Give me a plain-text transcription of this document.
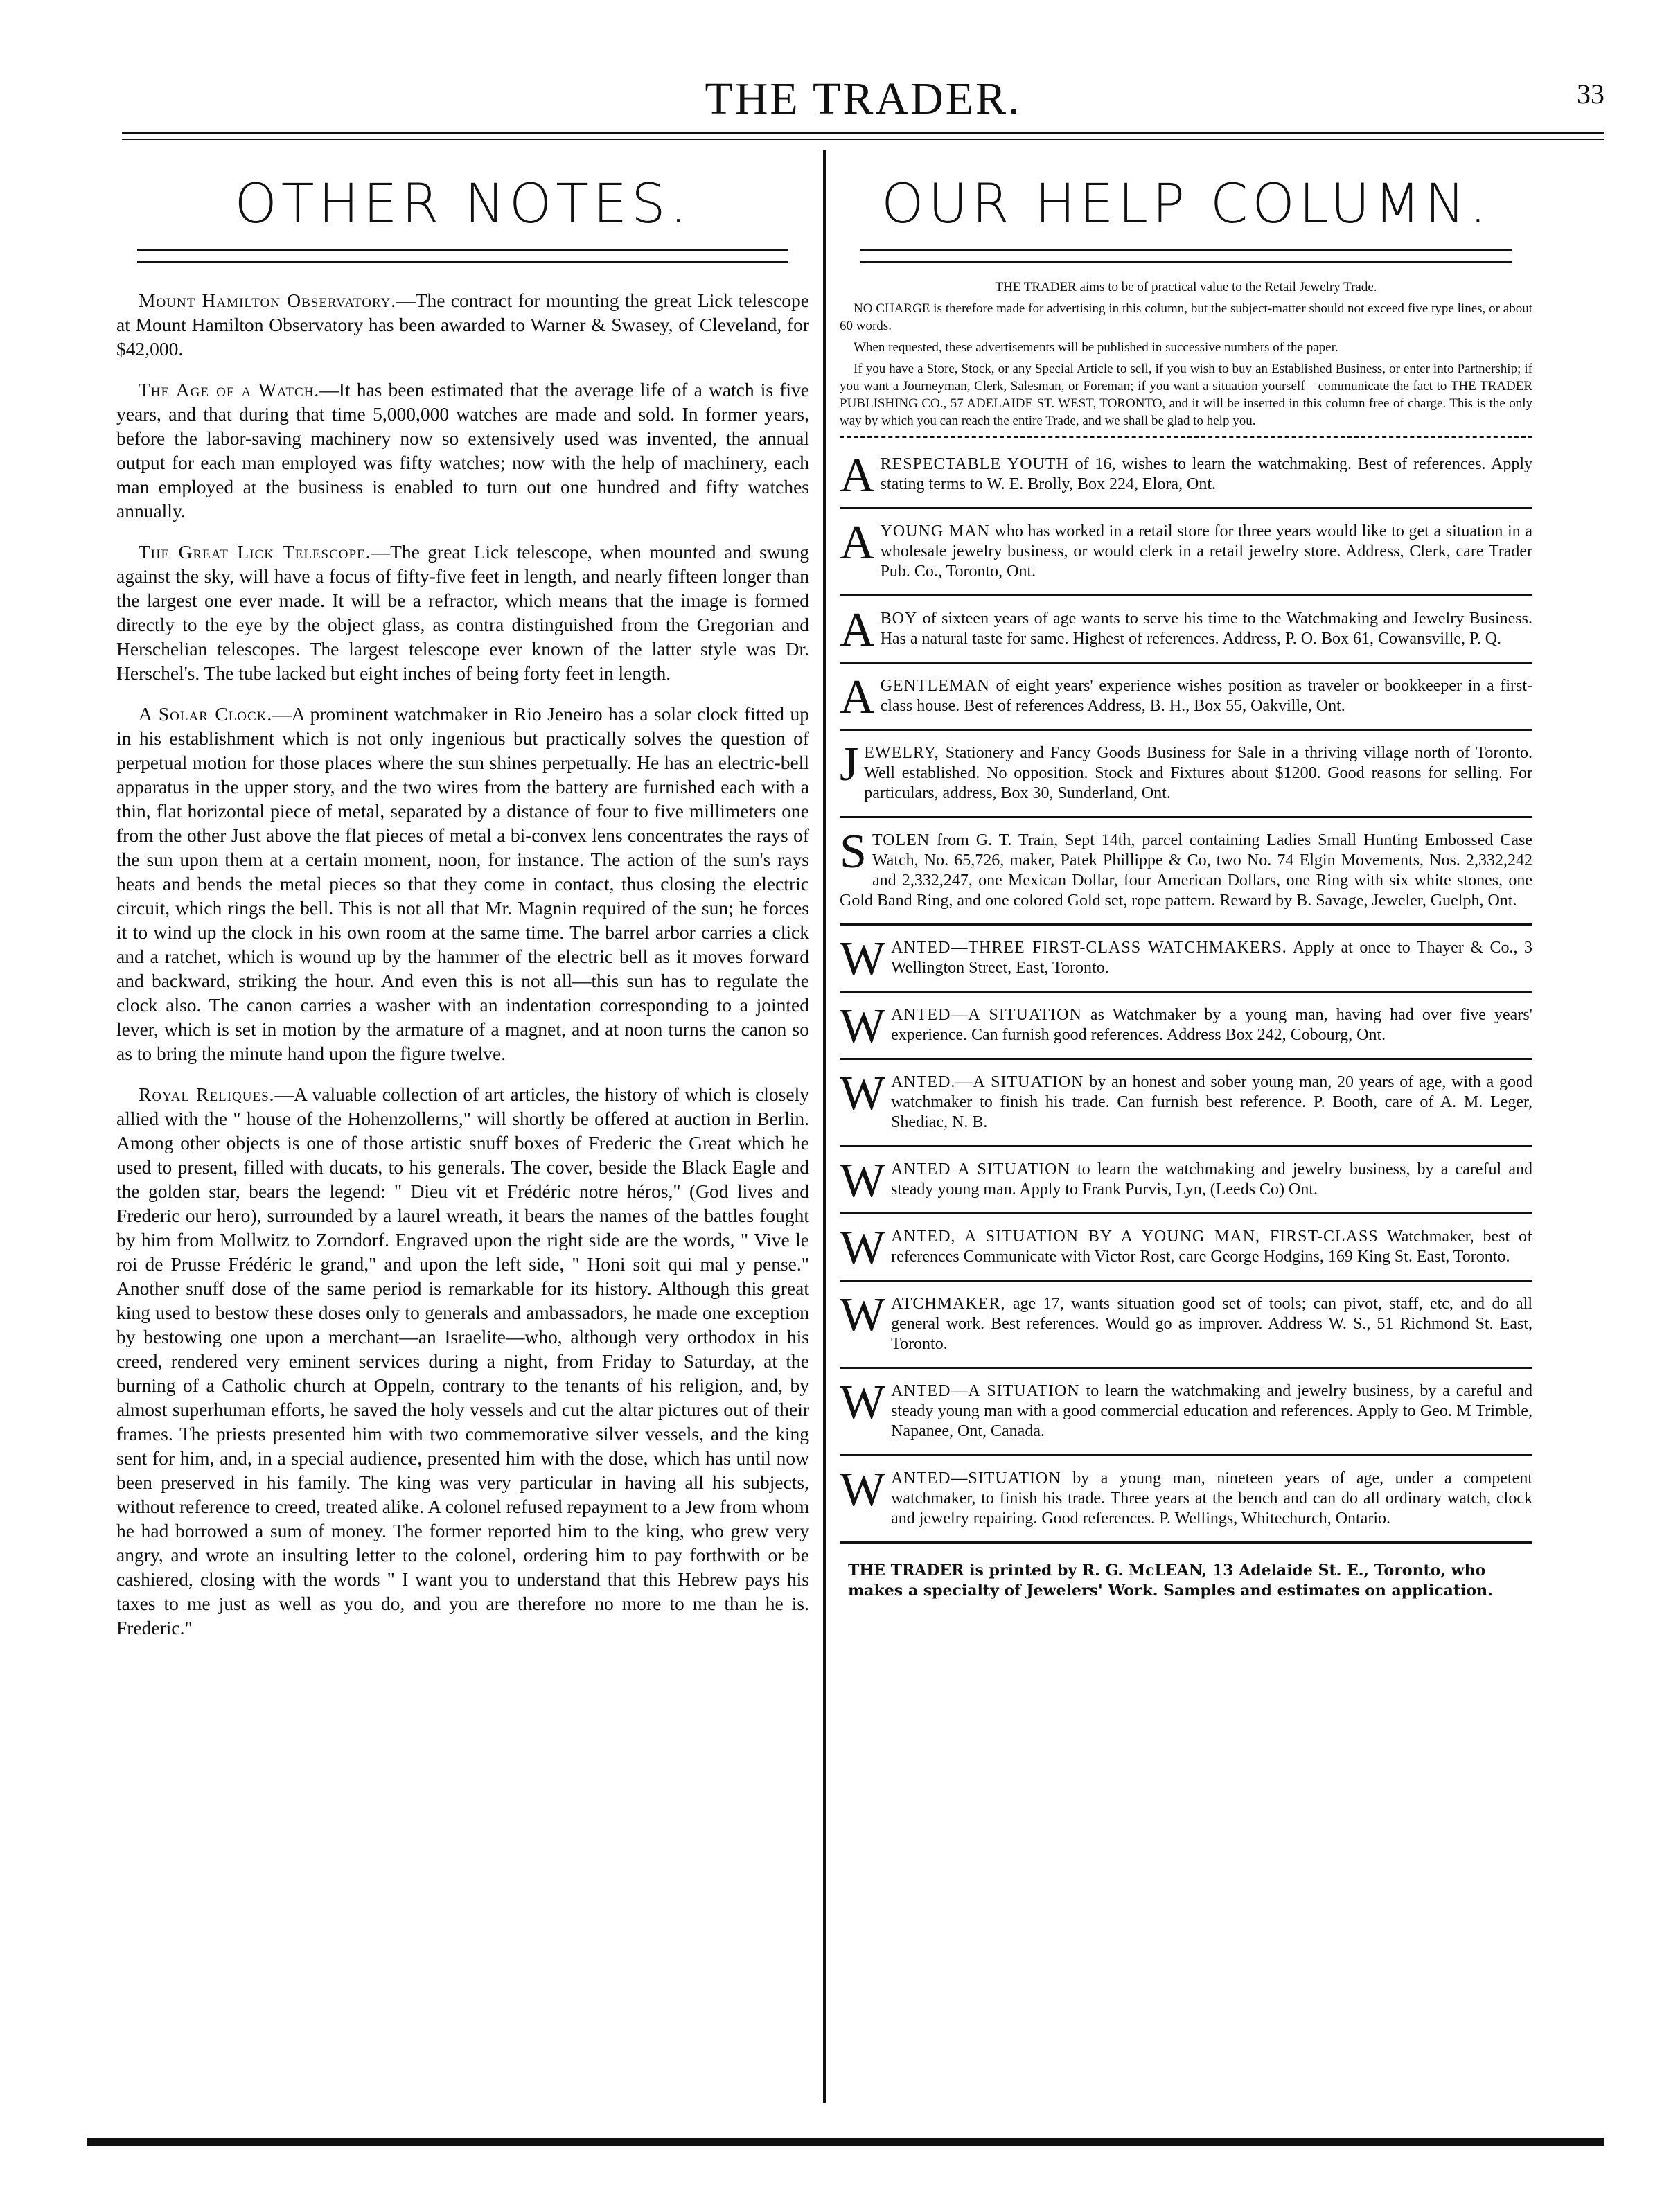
THE TRADER.	33
OTHER NOTES.

Mount Hamilton Observatory.—The contract for mounting the great Lick telescope at Mount Hamilton Observatory has been awarded to Warner & Swasey, of Cleveland, for $42,000.

The Age of a Watch.—It has been estimated that the average life of a watch is five years, and that during that time 5,000,000 watches are made and sold. In former years, before the labor-saving machinery now so extensively used was invented, the annual output for each man employed was fifty watches; now with the help of machinery, each man employed at the business is enabled to turn out one hundred and fifty watches annually.

The Great Lick Telescope.—The great Lick telescope, when mounted and swung against the sky, will have a focus of fifty-five feet in length, and nearly fifteen longer than the largest one ever made. It will be a refractor, which means that the image is formed directly to the eye by the object glass, as contra distinguished from the Gregorian and Herschelian telescopes. The largest telescope ever known of the latter style was Dr. Herschel's. The tube lacked but eight inches of being forty feet in length.

A Solar Clock.—A prominent watchmaker in Rio Jeneiro has a solar clock fitted up in his establishment which is not only ingenious but practically solves the question of perpetual motion for those places where the sun shines perpetually. He has an electric-bell apparatus in the upper story, and the two wires from the battery are furnished each with a thin, flat horizontal piece of metal, separated by a distance of four to five millimeters one from the other Just above the flat pieces of metal a bi-convex lens concentrates the rays of the sun upon them at a certain moment, noon, for instance. The action of the sun's rays heats and bends the metal pieces so that they come in contact, thus closing the electric circuit, which rings the bell. This is not all that Mr. Magnin required of the sun; he forces it to wind up the clock in his own room at the same time. The barrel arbor carries a click and a ratchet, which is wound up by the hammer of the electric bell as it moves forward and backward, striking the hour. And even this is not all—this sun has to regulate the clock also. The canon carries a washer with an indentation corresponding to a jointed lever, which is set in motion by the armature of a magnet, and at noon turns the canon so as to bring the minute hand upon the figure twelve.

Royal Reliques.—A valuable collection of art articles, the history of which is closely allied with the " house of the Hohenzollerns," will shortly be offered at auction in Berlin. Among other objects is one of those artistic snuff boxes of Frederic the Great which he used to present, filled with ducats, to his generals. The cover, beside the Black Eagle and the golden star, bears the legend: " Dieu vit et Frédéric notre héros," (God lives and Frederic our hero), surrounded by a laurel wreath, it bears the names of the battles fought by him from Mollwitz to Zorndorf. Engraved upon the right side are the words, " Vive le roi de Prusse Frédéric le grand," and upon the left side, " Honi soit qui mal y pense." Another snuff dose of the same period is remarkable for its history. Although this great king used to bestow these doses only to generals and ambassadors, he made one exception by bestowing one upon a merchant—an Israelite—who, although very orthodox in his creed, rendered very eminent services during a night, from Friday to Saturday, at the burning of a Catholic church at Oppeln, contrary to the tenants of his religion, and, by almost superhuman efforts, he saved the holy vessels and cut the altar pictures out of their frames. The priests presented him with two commemorative silver vessels, and the king sent for him, and, in a special audience, presented him with the dose, which has until now been preserved in his family. The king was very particular in having all his subjects, without reference to creed, treated alike. A colonel refused repayment to a Jew from whom he had borrowed a sum of money. The former reported him to the king, who grew very angry, and wrote an insulting letter to the colonel, ordering him to pay forthwith or be cashiered, closing with the words " I want you to understand that this Hebrew pays his taxes to me just as well as you do, and you are therefore no more to me than he is. Frederic."

OUR HELP COLUMN.

THE TRADER aims to be of practical value to the Retail Jewelry Trade.

NO CHARGE is therefore made for advertising in this column, but the subject-matter should not exceed five type lines, or about 60 words.

When requested, these advertisements will be published in successive numbers of the paper.

If you have a Store, Stock, or any Special Article to sell, if you wish to buy an Established Business, or enter into Partnership; if you want a Journeyman, Clerk, Salesman, or Foreman; if you want a situation yourself—communicate the fact to THE TRADER PUBLISHING CO., 57 ADELAIDE ST. WEST, TORONTO, and it will be inserted in this column free of charge. This is the only way by which you can reach the entire Trade, and we shall be glad to help you.

ARESPECTABLE YOUTH of 16, wishes to learn the watchmaking. Best of references. Apply stating terms to W. E. Brolly, Box 224, Elora, Ont.
AYOUNG MAN who has worked in a retail store for three years would like to get a situation in a wholesale jewelry business, or would clerk in a retail jewelry store. Address, Clerk, care Trader Pub. Co., Toronto, Ont.
ABOY of sixteen years of age wants to serve his time to the Watchmaking and Jewelry Business. Has a natural taste for same. Highest of references. Address, P. O. Box 61, Cowansville, P. Q.
AGENTLEMAN of eight years' experience wishes position as traveler or bookkeeper in a first-class house. Best of references Address, B. H., Box 55, Oakville, Ont.
JEWELRY, Stationery and Fancy Goods Business for Sale in a thriving village north of Toronto. Well established. No opposition. Stock and Fixtures about $1200. Good reasons for selling. For particulars, address, Box 30, Sunderland, Ont.
STOLEN from G. T. Train, Sept 14th, parcel containing Ladies Small Hunting Embossed Case Watch, No. 65,726, maker, Patek Phillippe & Co, two No. 74 Elgin Movements, Nos. 2,332,242 and 2,332,247, one Mexican Dollar, four American Dollars, one Ring with six white stones, one Gold Band Ring, and one colored Gold set, rope pattern. Reward by B. Savage, Jeweler, Guelph, Ont.
WANTED—THREE FIRST-CLASS WATCHMAKERS. Apply at once to Thayer & Co., 3 Wellington Street, East, Toronto.
WANTED—A SITUATION as Watchmaker by a young man, having had over five years' experience. Can furnish good references. Address Box 242, Cobourg, Ont.
WANTED.—A SITUATION by an honest and sober young man, 20 years of age, with a good watchmaker to finish his trade. Can furnish best reference. P. Booth, care of A. M. Leger, Shediac, N. B.
WANTED A SITUATION to learn the watchmaking and jewelry business, by a careful and steady young man. Apply to Frank Purvis, Lyn, (Leeds Co) Ont.
WANTED, A SITUATION BY A YOUNG MAN, FIRST-CLASS Watchmaker, best of references Communicate with Victor Rost, care George Hodgins, 169 King St. East, Toronto.
WATCHMAKER, age 17, wants situation good set of tools; can pivot, staff, etc, and do all general work. Best references. Would go as improver. Address W. S., 51 Richmond St. East, Toronto.
WANTED—A SITUATION to learn the watchmaking and jewelry business, by a careful and steady young man with a good commercial education and references. Apply to Geo. M Trimble, Napanee, Ont, Canada.
WANTED—SITUATION by a young man, nineteen years of age, under a competent watchmaker, to finish his trade. Three years at the bench and can do all ordinary watch, clock and jewelry repairing. Good references. P. Wellings, Whitechurch, Ontario.
THE TRADER is printed by R. G. McLEAN, 13 Adelaide St. E., Toronto, who makes a specialty of Jewelers' Work. Samples and estimates on application.
